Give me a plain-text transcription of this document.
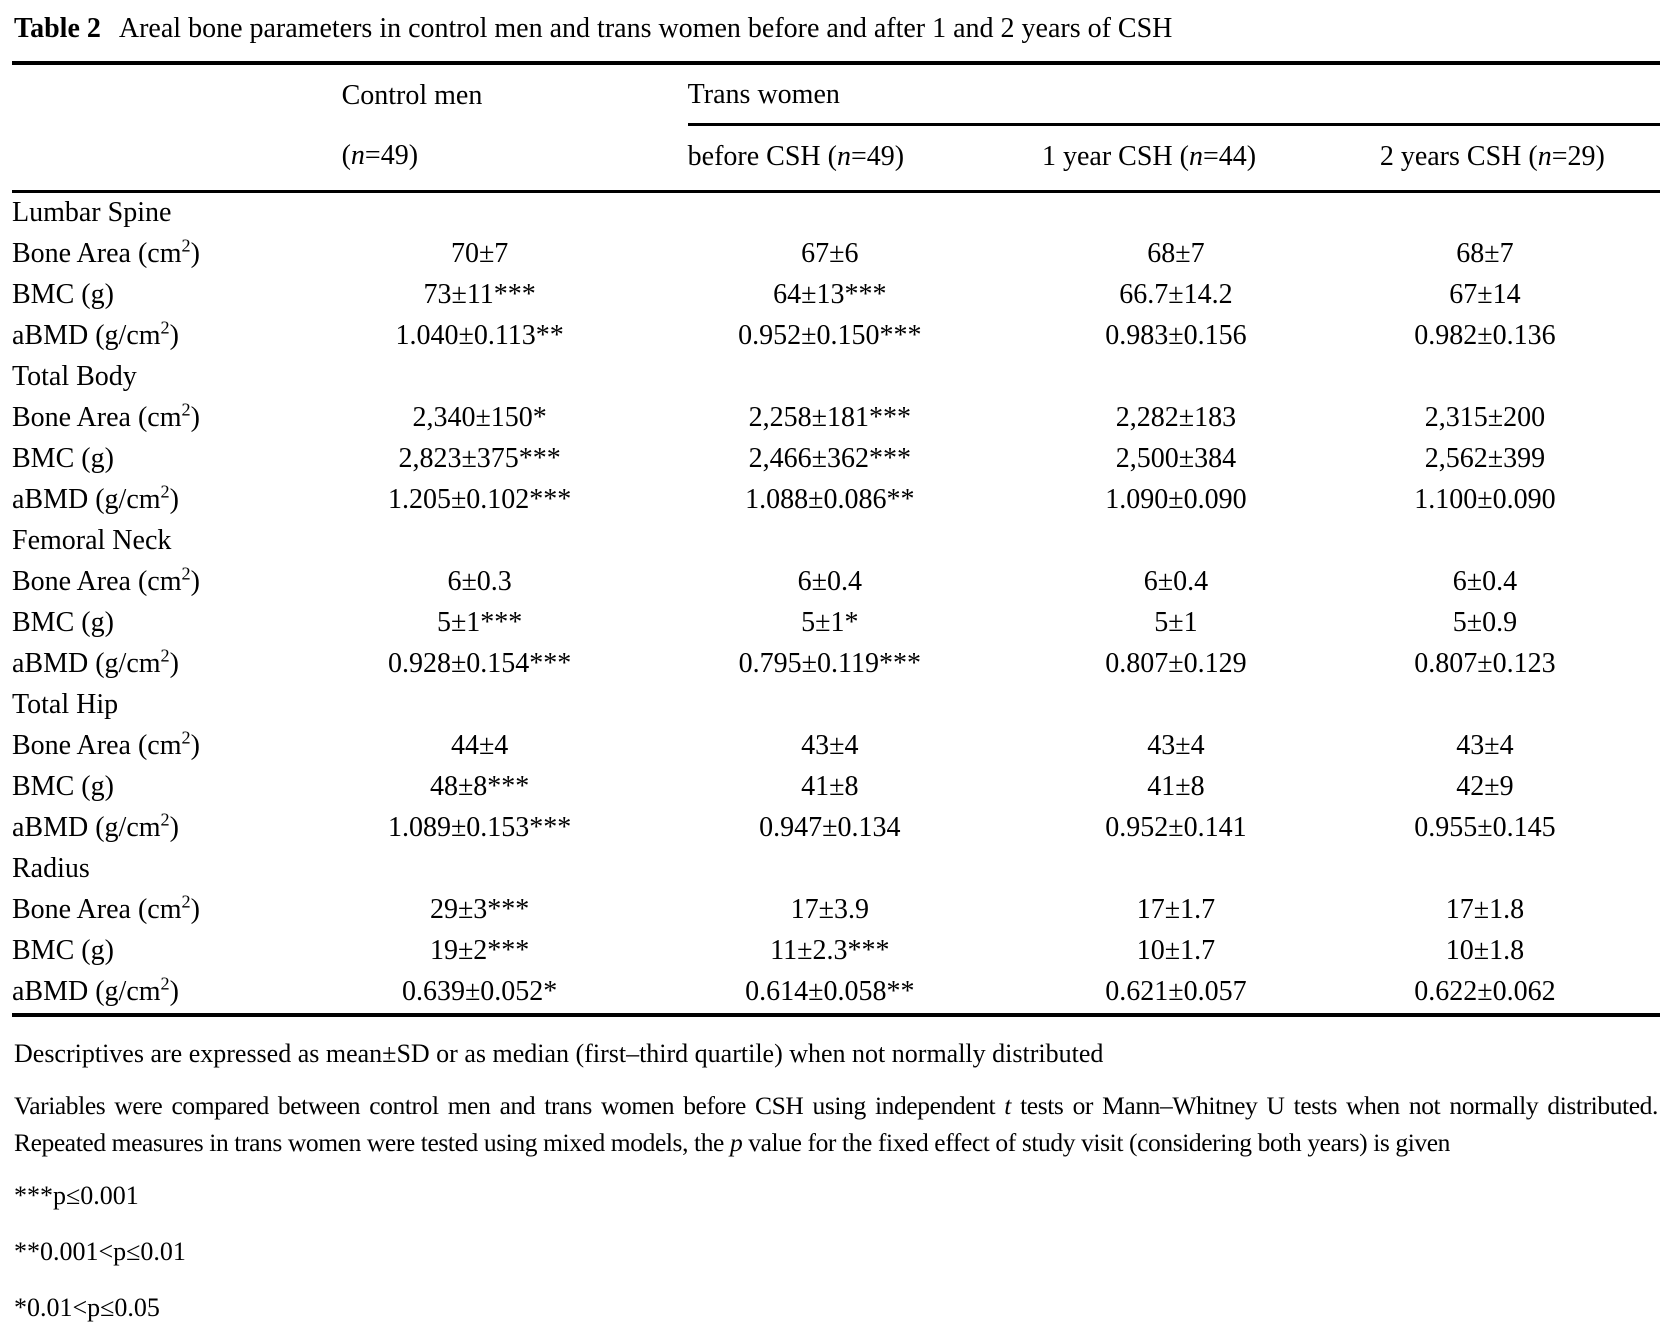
Table 2 Areal bone parameters in control men and trans women before and after 1 and 2 years of CSH
	Control men	Trans women		
	(n=49)	before CSH (n=49)	1 year CSH (n=44)	2 years CSH (n=29)
Lumbar Spine				
Bone Area $(cm^2)$	70±7	67±6	68±7	68±7
BMC (g)	73±11***	64±13***	66.7±14.2	67±14
aBMD $(g/cm^2)$	1.040±0.113**	0.952±0.150***	0.983±0.156	0.982±0.136
Total Body				
Bone Area $(cm^2)$	2,340±150*	2,258±181***	2,282±183	2,315±200
BMC (g)	2,823±375***	2,466±362***	2,500±384	2,562±399
aBMD $(g/cm^2)$	1.205±0.102***	1.088±0.086**	1.090±0.090	1.100±0.090
Femoral Neck				
Bone Area $(cm^2)$	6±0.3	6±0.4	6±0.4	6±0.4
BMC (g)	5±1***	5±1*	5±1	5±0.9
aBMD $(g/cm^2)$	0.928±0.154***	0.795±0.119***	0.807±0.129	0.807±0.123
Total Hip				
Bone Area $(cm^2)$	44±4	43±4	43±4	43±4
BMC (g)	48±8***	41±8	41±8	42±9
aBMD $(g/cm^2)$	1.089±0.153***	0.947±0.134	0.952±0.141	0.955±0.145
Radius				
Bone Area $(cm^2)$	29±3***	17±3.9	17±1.7	17±1.8
BMC (g)	19±2***	11±2.3***	10±1.7	10±1.8
aBMD $(g/cm^2)$	0.639±0.052*	0.614±0.058**	0.621±0.057	0.622±0.062
Descriptives are expressed as mean±SD or as median (first–third quartile) when not normally distributed
Variables were compared between control men and trans women before CSH using independent t tests or Mann–Whitney U tests when not normally distributed. Repeated measures in trans women were tested using mixed models, the p value for the fixed effect of study visit (considering both years) is given
***p≤0.001
**0.001<p≤0.01
*0.01<p≤0.05
